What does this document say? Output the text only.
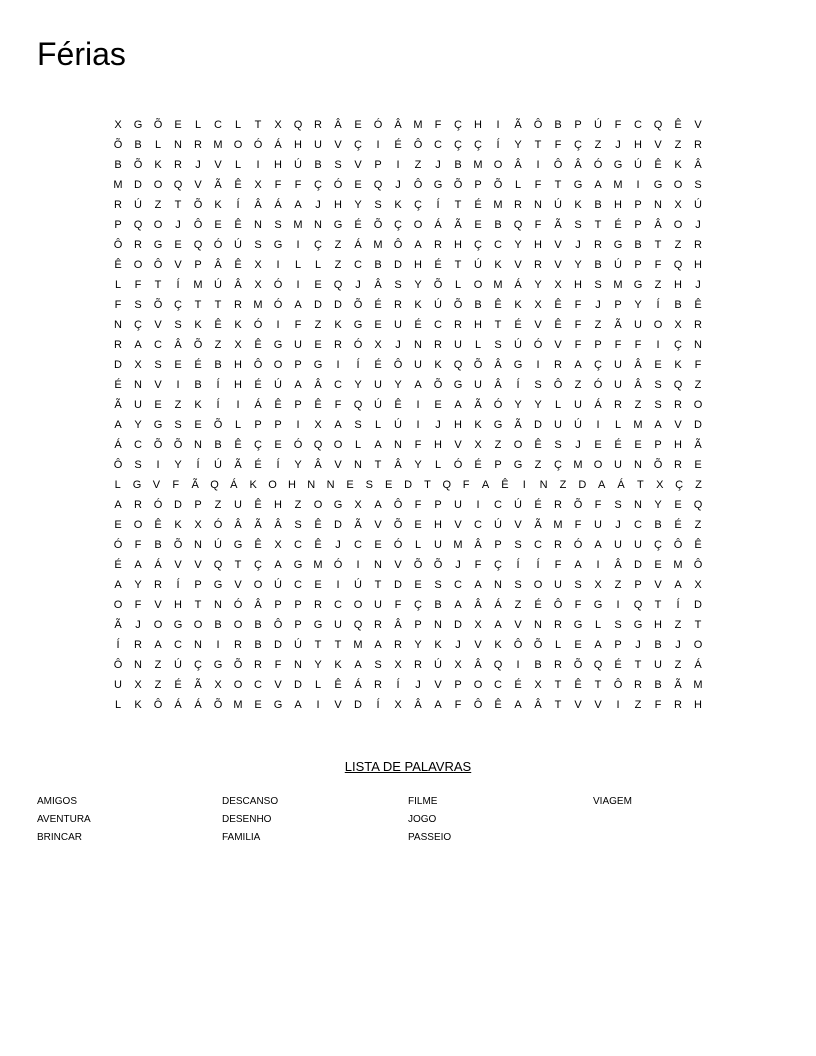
Férias
X	G	Õ	E	L	C	L	T	X	Q	R	Â	E	Ó	Â	M	F	Ç	H	I	Ã	Ô	B	P	Ú	F	C	Q	Ê	V
Õ	B	L	N	R	M	O	Ó	Á	H	U	V	Ç	I	É	Ô	C	Ç	Ç	Í	Y	T	F	Ç	Z	J	H	V	Z	R
B	Õ	K	R	J	V	L	I	H	Ú	B	S	V	P	I	Z	J	B	M	O	Â	I	Ô	Â	Ó	G	Ú	Ê	K	Â
M	D	O	Q	V	Ã	Ê	X	F	F	Ç	Ó	E	Q	J	Ô	G	Õ	P	Õ	L	F	T	G	A	M	I	G	O	S
R	Ú	Z	T	Õ	K	Í	Â	Á	A	J	H	Y	S	K	Ç	Í	T	É	M	R	N	Ú	K	B	H	P	N	X	Ú
P	Q	O	J	Ô	E	Ê	N	S	M	N	G	É	Õ	Ç	O	Á	Ã	E	B	Q	F	Ã	S	T	É	P	Â	O	J
Ô	R	G	E	Q	Ó	Ú	S	G	I	Ç	Z	Á	M	Ô	A	R	H	Ç	C	Y	H	V	J	R	G	B	T	Z	R
Ê	O	Ô	V	P	Â	Ê	X	I	L	L	Z	C	B	D	H	É	T	Ú	K	V	R	V	Y	B	Ú	P	F	Q	H
L	F	T	Í	M	Ú	Â	X	Ó	I	E	Q	J	Â	S	Y	Õ	L	O	M	Á	Y	X	H	S	M	G	Z	H	J
F	S	Õ	Ç	T	T	R	M	Ó	A	D	D	Õ	É	R	K	Ú	Õ	B	Ê	K	X	Ê	F	J	P	Y	Í	B	Ê
N	Ç	V	S	K	Ê	K	Ó	I	F	Z	K	G	E	U	É	C	R	H	T	É	V	Ê	F	Z	Ã	U	O	X	R
R	A	C	Â	Õ	Z	X	Ê	G	U	E	R	Ó	X	J	N	R	U	L	S	Ú	Ó	V	F	P	F	F	I	Ç	N
D	X	S	E	É	B	H	Ô	O	P	G	I	Í	É	Ô	U	K	Q	Õ	Â	G	I	R	A	Ç	U	Â	E	K	F
É	N	V	I	B	Í	H	É	Ú	A	Â	C	Y	U	Y	A	Õ	G	U	Â	Í	S	Ô	Z	Ó	U	Â	S	Q	Z
Ã	U	E	Z	K	Í	I	Á	Ê	P	Ê	F	Q	Ú	Ê	I	E	A	Ã	Ó	Y	Y	L	U	Á	R	Z	S	R	O
A	Y	G	S	E	Õ	L	P	P	I	X	A	S	L	Ú	I	J	H	K	G	Ã	D	U	Ú	I	L	M	A	V	D
Á	C	Õ	Õ	N	B	Ê	Ç	E	Ó	Q	O	L	A	N	F	H	V	X	Z	O	Ê	S	J	E	É	E	P	H	Ã
Ô	S	I	Y	Í	Ú	Ã	É	Í	Y	Â	V	N	T	Â	Y	L	Ó	É	P	G	Z	Ç	M	O	U	N	Õ	R	E
L	G	V	F	Ã	Q	Á	K	O	H	N	N	E	S	E	D	T	Q	F	A	Ê	I	N	Z	D	A	Á	T	X	Ç	Z
A	R	Ó	D	P	Z	U	Ê	H	Z	O	G	X	A	Ô	F	P	U	I	C	Ú	É	R	Õ	F	S	N	Y	E	Q
E	O	Ê	K	X	Ó	Â	Ã	Â	S	Ê	D	Ã	V	Õ	E	H	V	C	Ú	V	Ã	M	F	U	J	C	B	É	Z
Ó	F	B	Õ	N	Ú	G	Ê	X	C	Ê	J	C	E	Ó	L	U	M	Â	P	S	C	R	Ó	A	U	U	Ç	Ô	Ê
É	A	Á	V	V	Q	T	Ç	A	G	M	Ó	I	N	V	Õ	Õ	J	F	Ç	Í	Í	F	A	I	Â	D	E	M	Ô
A	Y	R	Í	P	G	V	O	Ú	C	E	I	Ú	T	D	E	S	C	A	N	S	O	U	S	X	Z	P	V	A	X
O	F	V	H	T	N	Ó	Â	P	P	R	C	O	U	F	Ç	B	A	Â	Á	Z	É	Ô	F	G	I	Q	T	Í	D
Ã	J	O	G	O	B	O	B	Ô	P	G	U	Q	R	Â	P	N	D	X	A	V	N	R	G	L	S	G	H	Z	T
Í	R	A	C	N	I	R	B	D	Ú	T	T	M	A	R	Y	K	J	V	K	Ô	Õ	L	E	A	P	J	B	J	O
Ô	N	Z	Ú	Ç	G	Õ	R	F	N	Y	K	A	S	X	R	Ú	X	Â	Q	I	B	R	Õ	Q	É	T	U	Z	Á
U	X	Z	É	Ã	X	O	C	V	D	L	Ê	Á	R	Í	J	V	P	O	C	É	X	T	Ê	T	Ô	R	B	Ã	M
L	K	Ô	Á	Á	Õ	M	E	G	A	I	V	D	Í	X	Â	A	F	Ô	Ê	A	Â	T	V	V	I	Z	F	R	H
LISTA DE PALAVRAS
AMIGOS
AVENTURA
BRINCAR
DESCANSO
DESENHO
FAMILIA
FILME
JOGO
PASSEIO
VIAGEM
